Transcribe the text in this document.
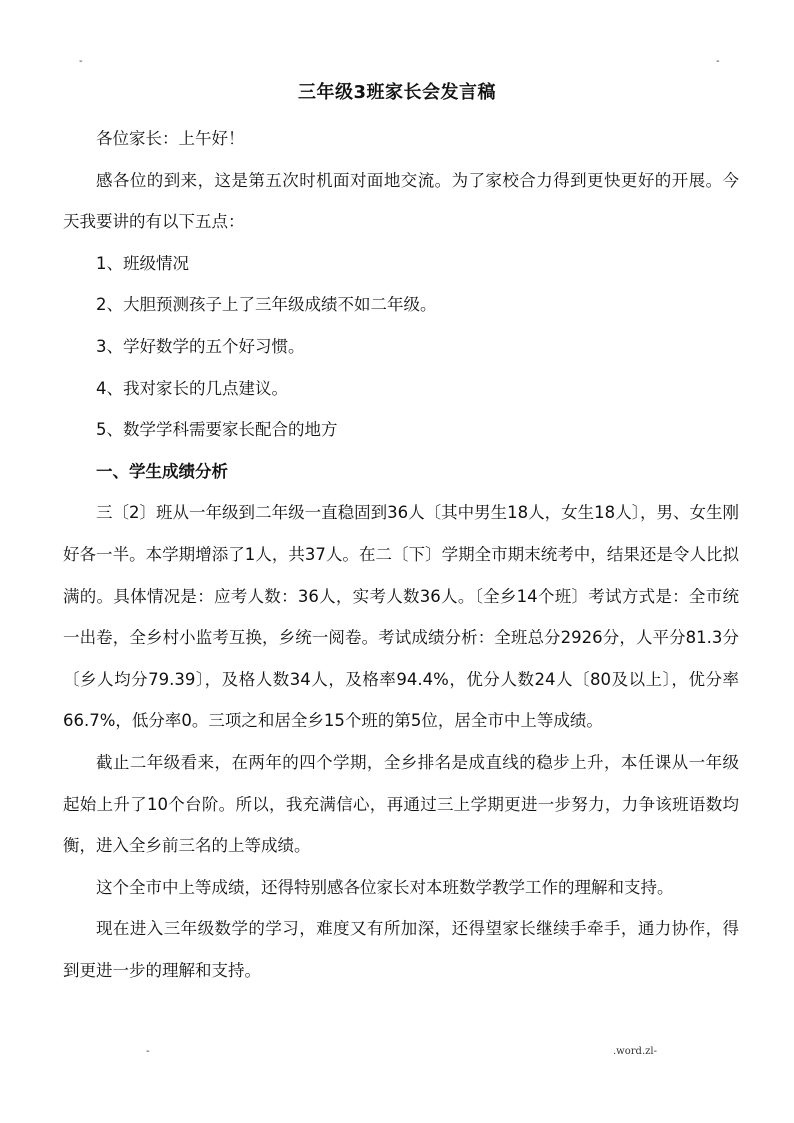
-	-
三年级3班家长会发言稿

各位家长：上午好！

感各位的到来，这是第五次时机面对面地交流。为了家校合力得到更快更好的开展。今天我要讲的有以下五点：

1、班级情况

2、大胆预测孩子上了三年级成绩不如二年级。

3、学好数学的五个好习惯。

4、我对家长的几点建议。

5、数学学科需要家长配合的地方

一、学生成绩分析

三〔2〕班从一年级到二年级一直稳固到36人〔其中男生18人，女生18人〕，男、女生刚好各一半。本学期增添了1人，共37人。在二〔下〕学期全市期末统考中，结果还是令人比拟满的。具体情况是：应考人数：36人，实考人数36人。〔全乡14个班〕考试方式是：全市统一出卷，全乡村小监考互换，乡统一阅卷。考试成绩分析：全班总分2926分，人平分81.3分〔乡人均分79.39〕，及格人数34人，及格率94.4%，优分人数24人〔80及以上〕，优分率66.7%，低分率0。三项之和居全乡15个班的第5位，居全市中上等成绩。

截止二年级看来，在两年的四个学期，全乡排名是成直线的稳步上升，本任课从一年级起始上升了10个台阶。所以，我充满信心，再通过三上学期更进一步努力，力争该班语数均衡，进入全乡前三名的上等成绩。

这个全市中上等成绩，还得特别感各位家长对本班数学教学工作的理解和支持。

现在进入三年级数学的学习，难度又有所加深，还得望家长继续手牵手，通力协作，得到更进一步的理解和支持。

-	.word.zl-
